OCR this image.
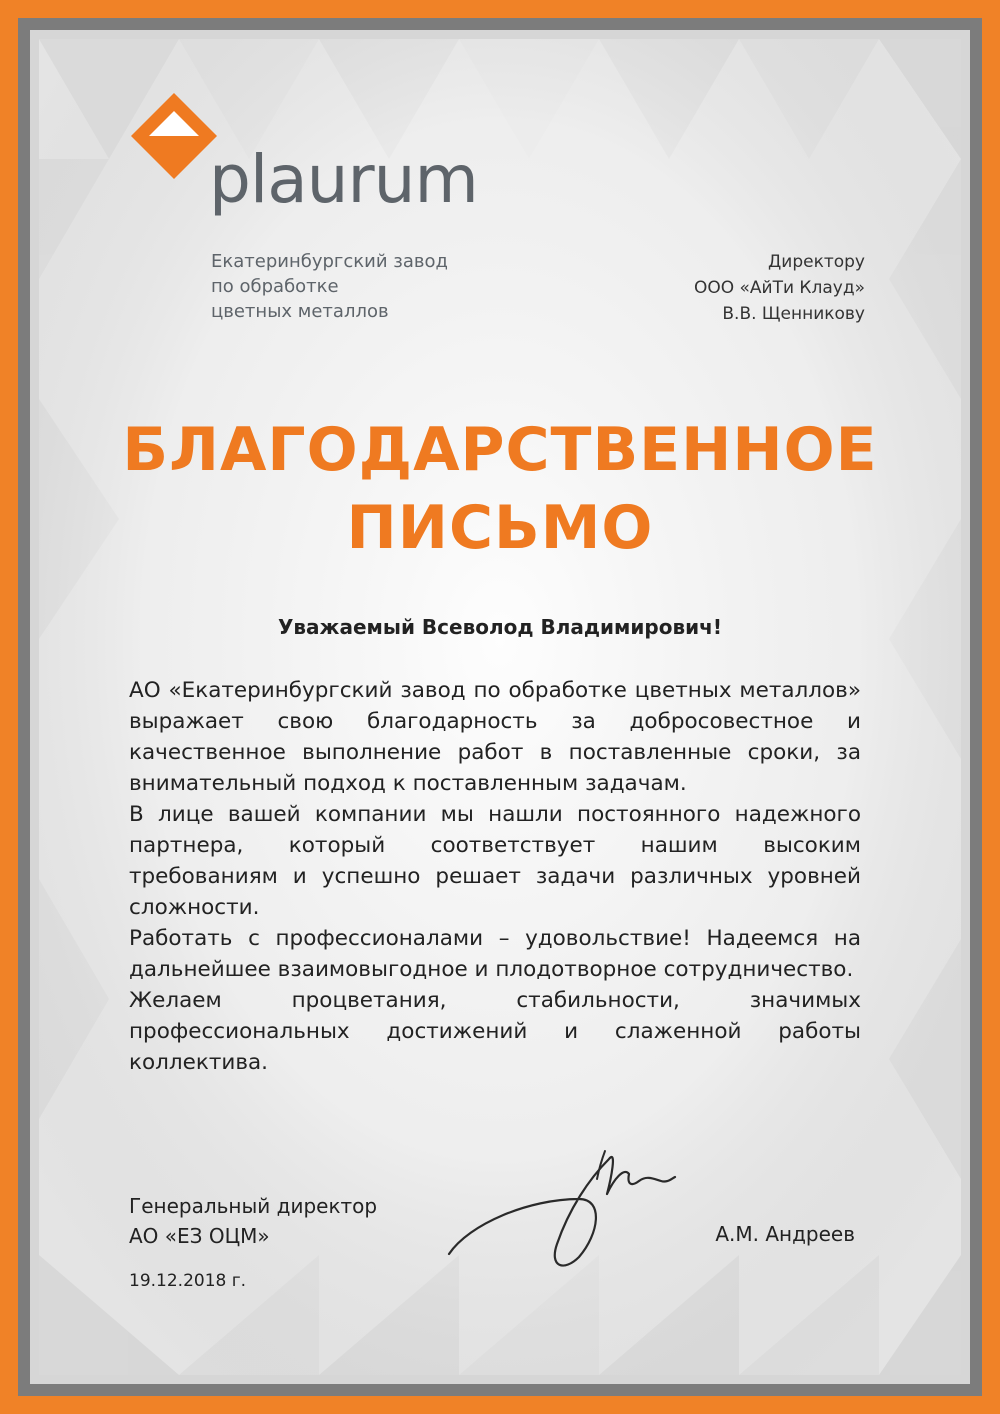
plaurum
Екатеринбургский завод
по обработке
цветных металлов
Директору
ООО «АйТи Клауд»
В.В. Щенникову
БЛАГОДАРСТВЕННОЕ
ПИСЬМО
Уважаемый Всеволод Владимирович!

АО «Екатеринбургский завод по обработке цветных металлов» выражает свою благодарность за добросовестное и качественное выполнение работ в поставленные сроки, за внимательный подход к поставленным задачам.

В лице вашей компании мы нашли постоянного надежного партнера, который соответствует нашим высоким требованиям и успешно решает задачи различных уровней сложности.

Работать с профессионалами – удовольствие! Надеемся на дальнейшее взаимовыгодное и плодотворное сотрудничество.

Желаем процветания, стабильности, значимых профессиональных достижений и слаженной работы коллектива.

Генеральный директор
АО «ЕЗ ОЦМ»	А.М. Андреев
19.12.2018 г.
